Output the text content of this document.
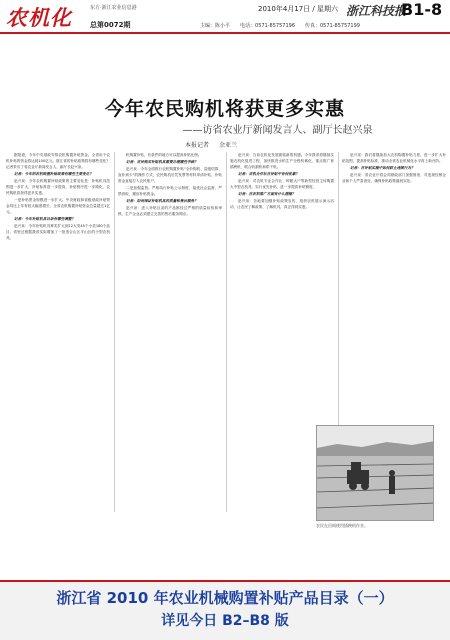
农机化	东方·浙江农业信息港
总第0072期
2010年4月17日 / 星期六 浙江科技报
B1-8
主编：陈小平 电话：0571-85757196 传真：0571-85757199
今年农民购机将获更多实惠
——访省农业厅新闻发言人、副厅长赵兴泉
本报记者 余亚兰
据报道，今年中央财政安排农机购置补贴资金。全省用于农机补贴的资金将达到100亿元。浙江省的补贴政策将有哪些变化？记者采访了省农业厅新闻发言人、副厅长赵兴泉。
记者：今年的农机购置补贴政策有哪些主要变化？
赵兴泉：今年农机购置补贴政策的主要变化是：补贴机具范围进一步扩大，补贴标准进一步提高，补贴程序进一步简化，农民购机将获得更多实惠。
一是补贴资金规模进一步扩大。中央财政和省级财政补贴资金均比上年有较大幅度增长，全省农机购置补贴资金总量超过1亿元。
记者：今年补贴机具目录有哪些调整？
赵兴泉：今年补贴机具种类扩大到12大类45个小类180个品目，省里还根据我省实际增加了一批适合山区半山区的小型农机具。
机购置补贴，有条件的地方可以提高补贴比例。
记者：农民购买补贴机具需要办理哪些手续？
赵兴泉：今年全面推行农机购置补贴“全价购机、县级结算、直补到卡”的操作方式，农民购机后凭发票等材料申请补贴，补贴资金直接打入农民账户。
二是加强监管。严格执行补贴公示制度，接受社会监督，严禁套取、挪用补贴资金。
记者：如何保证补贴机具的质量和售后服务？
赵兴泉：进入补贴目录的产品都经过严格的质量检验和审核，生产企业必须建立完善的售后服务网点。
赵兴泉：当前农机化发展面临新的机遇。今年我省将继续实施农机化促进工程，加快推进水稻生产全程机械化，重点推广育插秧机、联合收割机和烘干机。
记者：农机合作社在补贴中有何优惠？
赵兴泉：对农机专业合作社、种粮大户等新型经营主体购置大中型农机具，实行优先补贴，进一步提高补贴额度。
记者：在农机推广方面有什么措施？
赵兴泉：各地要加强补贴政策宣传，组织农机展示演示活动，让农民了解政策、了解机具，真正得到实惠。
赵兴泉：我们将继续加大农机购置补贴力度，进一步扩大补贴范围，提高补贴标准，推动全省农业机械化水平再上新台阶。
记者：在补贴实施中如何防止违规行为？
赵兴泉：省农业厅将会同财政部门加强督查，对违规经销企业和个人严肃查处，确保补贴政策落到实处。
农民在田间使用插秧机作业。
浙江省 2010 年农业机械购置补贴产品目录（一）
详见今日 B2–B8 版
